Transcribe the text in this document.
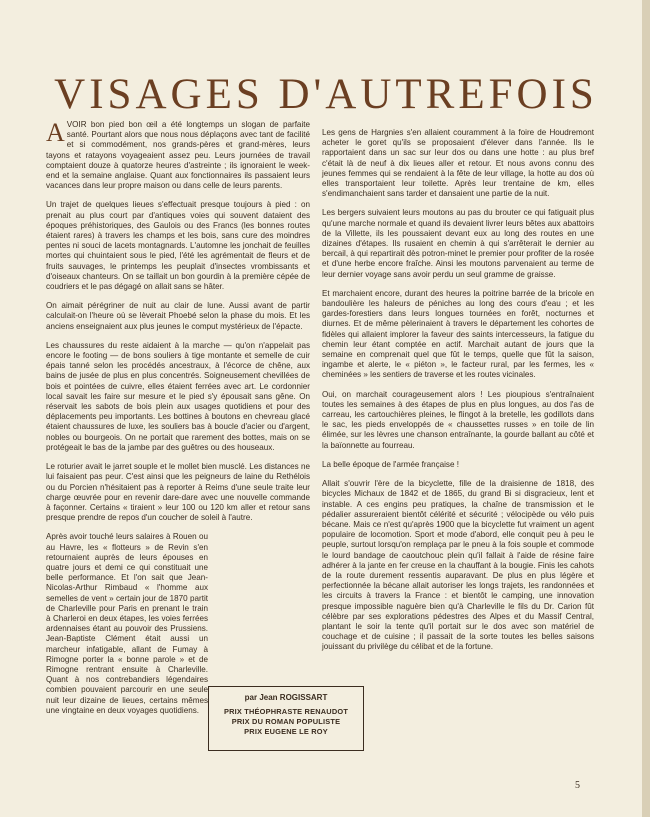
VISAGES D'AUTREFOIS

AVOIR bon pied bon œil a été longtemps un slogan de parfaite santé. Pourtant alors que nous nous déplaçons avec tant de facilité et si commodément, nos grands-pères et grand-mères, leurs tayons et ratayons voyageaient assez peu. Leurs journées de travail comptaient douze à quatorze heures d'astreinte ; ils ignoraient le week-end et la semaine anglaise. Quant aux fonctionnaires ils passaient leurs vacances dans leur propre maison ou dans celle de leurs parents.

Un trajet de quelques lieues s'effectuait presque toujours à pied : on prenait au plus court par d'antiques voies qui souvent dataient des époques préhistoriques, des Gaulois ou des Francs (les bonnes routes étaient rares) à travers les champs et les bois, sans cure des moindres pentes ni souci de lacets montagnards. L'automne les jonchait de feuilles mortes qui chuintaient sous le pied, l'été les agrémentait de fleurs et de fruits sauvages, le printemps les peuplait d'insectes vrombissants et d'oiseaux chanteurs. On se taillait un bon gourdin à la première cépée de coudriers et le pas dégagé on allait sans se hâter.

On aimait pérégriner de nuit au clair de lune. Aussi avant de partir calculait-on l'heure où se lèverait Phoebé selon la phase du mois. Et les anciens enseignaient aux plus jeunes le comput mystérieux de l'épacte.

Les chaussures du reste aidaient à la marche — qu'on n'appelait pas encore le footing — de bons souliers à tige montante et semelle de cuir épais tanné selon les procédés ancestraux, à l'écorce de chêne, aux bains de jusée de plus en plus concentrés. Soigneusement chevillées de bois et pointées de cuivre, elles étaient ferrées avec art. Le cordonnier local savait les faire sur mesure et le pied s'y épousait sans gêne. On réservait les sabots de bois plein aux usages quotidiens et pour des déplacements peu importants. Les bottines à boutons en chevreau glacé étaient chaussures de luxe, les souliers bas à boucle d'acier ou d'argent, nobles ou bourgeois. On ne portait que rarement des bottes, mais on se protégeait le bas de la jambe par des guêtres ou des houseaux.

Le roturier avait le jarret souple et le mollet bien musclé. Les distances ne lui faisaient pas peur. C'est ainsi que les peigneurs de laine du Rethélois ou du Porcien n'hésitaient pas à reporter à Reims d'une seule traite leur charge œuvrée pour en revenir dare-dare avec une nouvelle commande à façonner. Certains « tiraient » leur 100 ou 120 km aller et retour sans presque prendre de repos d'un coucher de soleil à l'autre.

Après avoir touché leurs salaires à Rouen ou au Havre, les « flotteurs » de Revin s'en retournaient auprès de leurs épouses en quatre jours et demi ce qui constituait une belle performance. Et l'on sait que Jean-Nicolas-Arthur Rimbaud « l'homme aux semelles de vent » certain jour de 1870 partit de Charleville pour Paris en prenant le train à Charleroi en deux étapes, les voies ferrées ardennaises étant au pouvoir des Prussiens. Jean-Baptiste Clément était aussi un marcheur infatigable, allant de Fumay à Rimogne porter la « bonne parole » et de Rimogne rentrant ensuite à Charleville. Quant à nos contrebandiers légendaires combien pouvaient parcourir en une seule nuit leur dizaine de lieues, certains mêmes une vingtaine en deux voyages quotidiens.

Les gens de Hargnies s'en allaient couramment à la foire de Houdremont acheter le goret qu'ils se proposaient d'élever dans l'année. Ils le rapportaient dans un sac sur leur dos ou dans une hotte : au plus bref c'était là de neuf à dix lieues aller et retour. Et nous avons connu des jeunes femmes qui se rendaient à la fête de leur village, la hotte au dos où elles transportaient leur toilette. Après leur trentaine de km, elles s'endimanchaient sans tarder et dansaient une partie de la nuit.

Les bergers suivaient leurs moutons au pas du brouter ce qui fatiguait plus qu'une marche normale et quand ils devaient livrer leurs bêtes aux abattoirs de la Villette, ils les poussaient devant eux au long des routes en une dizaines d'étapes. Ils rusaient en chemin à qui s'arrêterait le dernier au bercail, à qui repartirait dès potron-minet le premier pour profiter de la rosée et d'une herbe encore fraîche. Ainsi les moutons parvenaient au terme de leur dernier voyage sans avoir perdu un seul gramme de graisse.

Et marchaient encore, durant des heures la poitrine barrée de la bricole en bandoulière les haleurs de péniches au long des cours d'eau ; et les gardes-forestiers dans leurs longues tournées en forêt, nocturnes et diurnes. Et de même pèlerinaient à travers le département les cohortes de fidèles qui allaient implorer la faveur des saints intercesseurs, la fatigue du chemin leur étant comptée en actif. Marchait autant de jours que la semaine en comprenait quel que fût le temps, quelle que fût la saison, ingambe et alerte, le « piéton », le facteur rural, par les fermes, les « cheminées » les sentiers de traverse et les routes vicinales.

Oui, on marchait courageusement alors ! Les pioupious s'entraînaient toutes les semaines à des étapes de plus en plus longues, au dos l'as de carreau, les cartouchières pleines, le flingot à la bretelle, les godillots dans le sac, les pieds enveloppés de « chaussettes russes » en toile de lin élimée, sur les lèvres une chanson entraînante, la gourde ballant au côté et la baïonnette au fourreau.

La belle époque de l'armée française !

Allait s'ouvrir l'ère de la bicyclette, fille de la draisienne de 1818, des bicycles Michaux de 1842 et de 1865, du grand Bi si disgracieux, lent et instable. A ces engins peu pratiques, la chaîne de transmission et le pédalier assureraient bientôt célérité et sécurité ; vélocipède ou vélo puis bécane. Mais ce n'est qu'après 1900 que la bicyclette fut vraiment un agent populaire de locomotion. Sport et mode d'abord, elle conquit peu à peu le peuple, surtout lorsqu'on remplaça par le pneu à la fois souple et commode le lourd bandage de caoutchouc plein qu'il fallait à l'aide de résine faire adhérer à la jante en fer creuse en la chauffant à la bougie. Finis les cahots de la route durement ressentis auparavant. De plus en plus légère et perfectionnée la bécane allait autoriser les longs trajets, les randonnées et les circuits à travers la France : et bientôt le camping, une innovation presque impossible naguère bien qu'à Charleville le fils du Dr. Carion fût célèbre par ses explorations pédestres des Alpes et du Massif Central, plantant le soir la tente qu'il portait sur le dos avec son matériel de couchage et de cuisine ; il passait de la sorte toutes les belles saisons jouissant du privilège du célibat et de la fortune.

par Jean ROGISSART
PRIX THÉOPHRASTE RENAUDOT
PRIX DU ROMAN POPULISTE
PRIX EUGENE LE ROY
5
